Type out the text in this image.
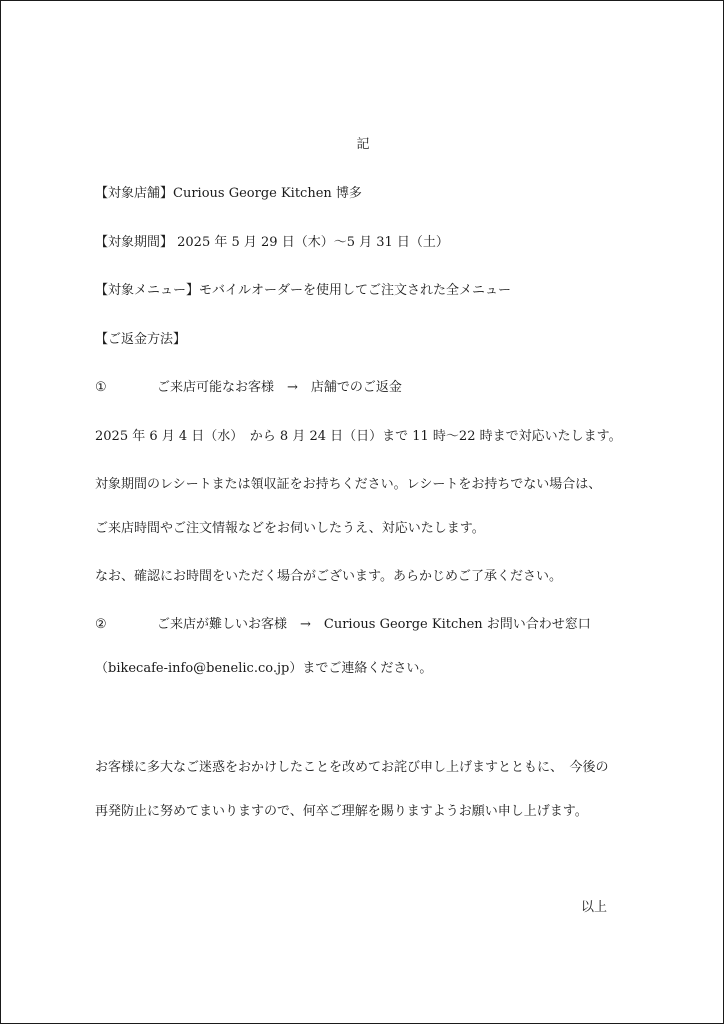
記
【対象店舗】Curious George Kitchen 博多
【対象期間】 2025 年 5 月 29 日（木）〜5 月 31 日（土）
【対象メニュー】モバイルオーダーを使用してご注文された全メニュー
【ご返金方法】
①	ご来店可能なお客様　→　店舗でのご返金
2025 年 6 月 4 日（水）　から 8 月 24 日（日）まで 11 時〜22 時まで対応いたします。
対象期間のレシートまたは領収証をお持ちください。レシートをお持ちでない場合は、
ご来店時間やご注文情報などをお伺いしたうえ、対応いたします。
なお、確認にお時間をいただく場合がございます。あらかじめご了承ください。
②	ご来店が難しいお客様　→　Curious George Kitchen お問い合わせ窓口
（bikecafe-info@benelic.co.jp）までご連絡ください。
お客様に多大なご迷惑をおかけしたことを改めてお詫び申し上げますとともに、　今後の
再発防止に努めてまいりますので、何卒ご理解を賜りますようお願い申し上げます。
以上
